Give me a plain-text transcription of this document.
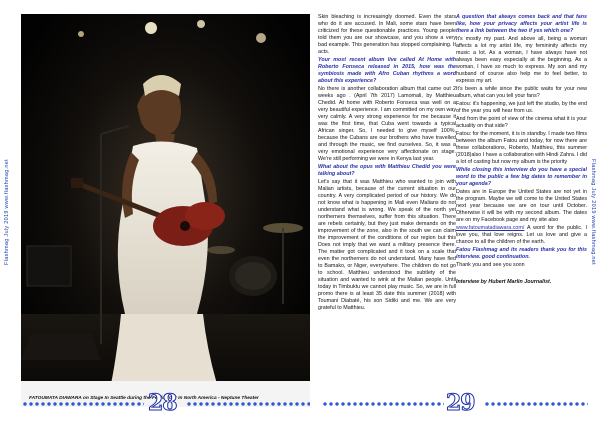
Flashmag July 2019 www.flashmag.net	Flashmag July 2019 www.flashmag.net
FATOUMATA DIAWARA on Stage In Seattle during the Fenfo Tour In North America - Neptune Theater

Skin bleaching is increasingly doomed. Even the stars who do it are accused. In Mali, some stars have been criticized for these questionable practices. Young people told them you are our showcase, and you show a very bad example. This generation has stopped complaining. It acts.

Your most recent album live called At Home with Roberto Fonseca released in 2015, how was the symbiosis made with Afro Cuban rhythms a word about this experience?

No there is another collaboration album that came out 2 weeks ago . (April 7th 2017) Lamomali, by Matthieu Chedid. At home with Roberto Fonseca was well on a very beautiful experience. I am committed on my own way very calmly. A very strong experience for me because it was the first time, that Cuba went towards a typical African singer. So, I needed to give myself 100%, because the Cubans are our brothers who have travelled and through the music, we find ourselves. So, it was a very emotional experience very affectionate on stage. We're still performing we were in Kenya last year.

What about the opus with Matthieu Chedid you were talking about?

Let's say that it was Matthieu who wanted to join with Malian artists, because of the current situation in our country. A very complicated period of our history. We do not know what is happening in Mali even Malians do not understand what is wrong. We speak of the north yet northerners themselves, suffer from this situation. There are rebels certainly, but they just make demands on the improvement of the zone, also in the south we can claim the improvement of the conditions of our region but this Does not imply that we want a military presence there. The matter got complicated and it took on a scale that even the northerners do not understand. Many have fled to Bamako, or Niger, everywhere. The children do not go to school. Matthieu understood the subtlety of the situation and wanted to wink at the Malian people. Until today in Timbuktu we cannot play music. So, we are in full promo there is at least 35 date this summer (2018) with Toumani Diabaté, his son Sidiki and me. We are very grateful to Matthieu.

A question that always comes back and that fans like, how your privacy affects your artist life is there a link between the two if yes which one?

It's mostly my past. And above all, being a woman affects a lot my artist life, my femininity affects my music a lot. As a woman, I have always have not always been easy especially at the beginning. As a woman, I have so much to express. My son and my husband of course also help me to feel better, to express my art.

It's been a while since the public waits for your new album, what can you tell your fans?

Fatou: it's happening, we just left the studio, by the end of the year you will hear from us.

And from the point of view of the cinema what it is your actuality on that side?

Fatou: for the moment, it is in standby. I made two films between the album Fatou and today, for now there are these collaborations, Roberto, Matthieu, this summer (2018)also I have a collaboration with Hindi Zahra. I did a lot of casting but now my album is the priority

While closing this interview do you have a special word to the public a few big dates to remember in your agenda?

Dates are in Europe the United States are not yet in the program. Maybe we will come to the United States next year because we are on tour until October. Otherwise it will be with my second album. The dates are on my Facebook page and my site also

www.fatoumatadiawara.com/ A word for the public. I love you, that love reigns. Let us love and give a chance to all the children of the earth.

Fatou Flashmag and its readers thank you for this interview. good continuation.

Thank you and see you soon

Interview by Hubert Marlin Journalist.

28	29
